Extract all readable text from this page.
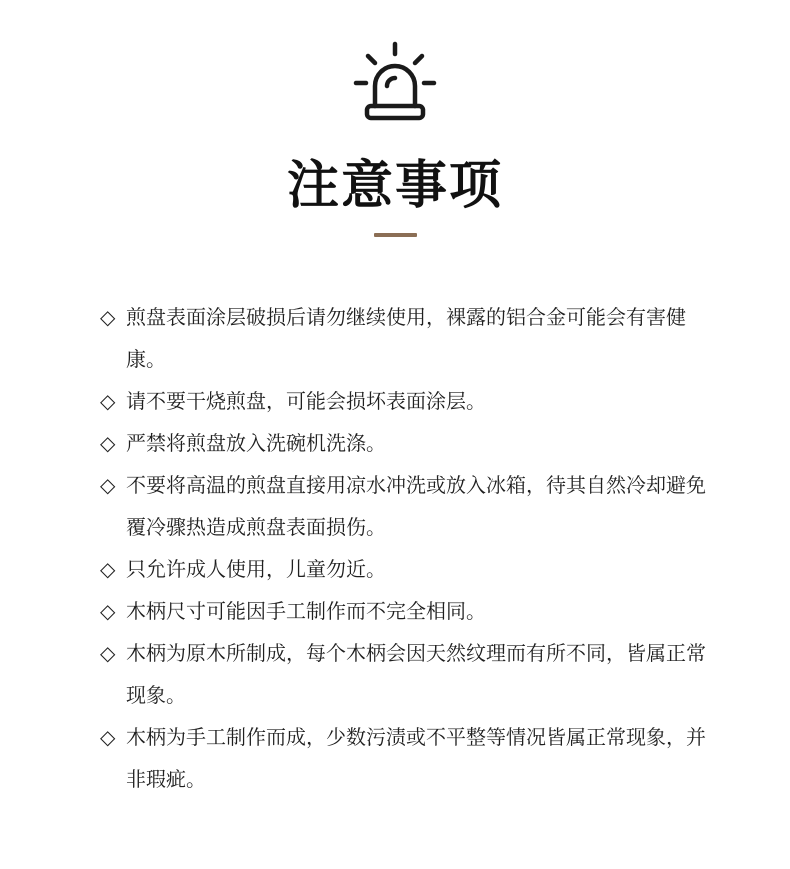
注意事项
◇ 煎盘表面涂层破损后请勿继续使用，裸露的铝合金可能会有害健康。
◇ 请不要干烧煎盘，可能会损坏表面涂层。
◇ 严禁将煎盘放入洗碗机洗涤。
◇ 不要将高温的煎盘直接用凉水冲洗或放入冰箱，待其自然冷却避免覆冷骤热造成煎盘表面损伤。
◇ 只允许成人使用，儿童勿近。
◇ 木柄尺寸可能因手工制作而不完全相同。
◇ 木柄为原木所制成，每个木柄会因天然纹理而有所不同，皆属正常现象。
◇ 木柄为手工制作而成，少数污渍或不平整等情况皆属正常现象，并非瑕疵。
